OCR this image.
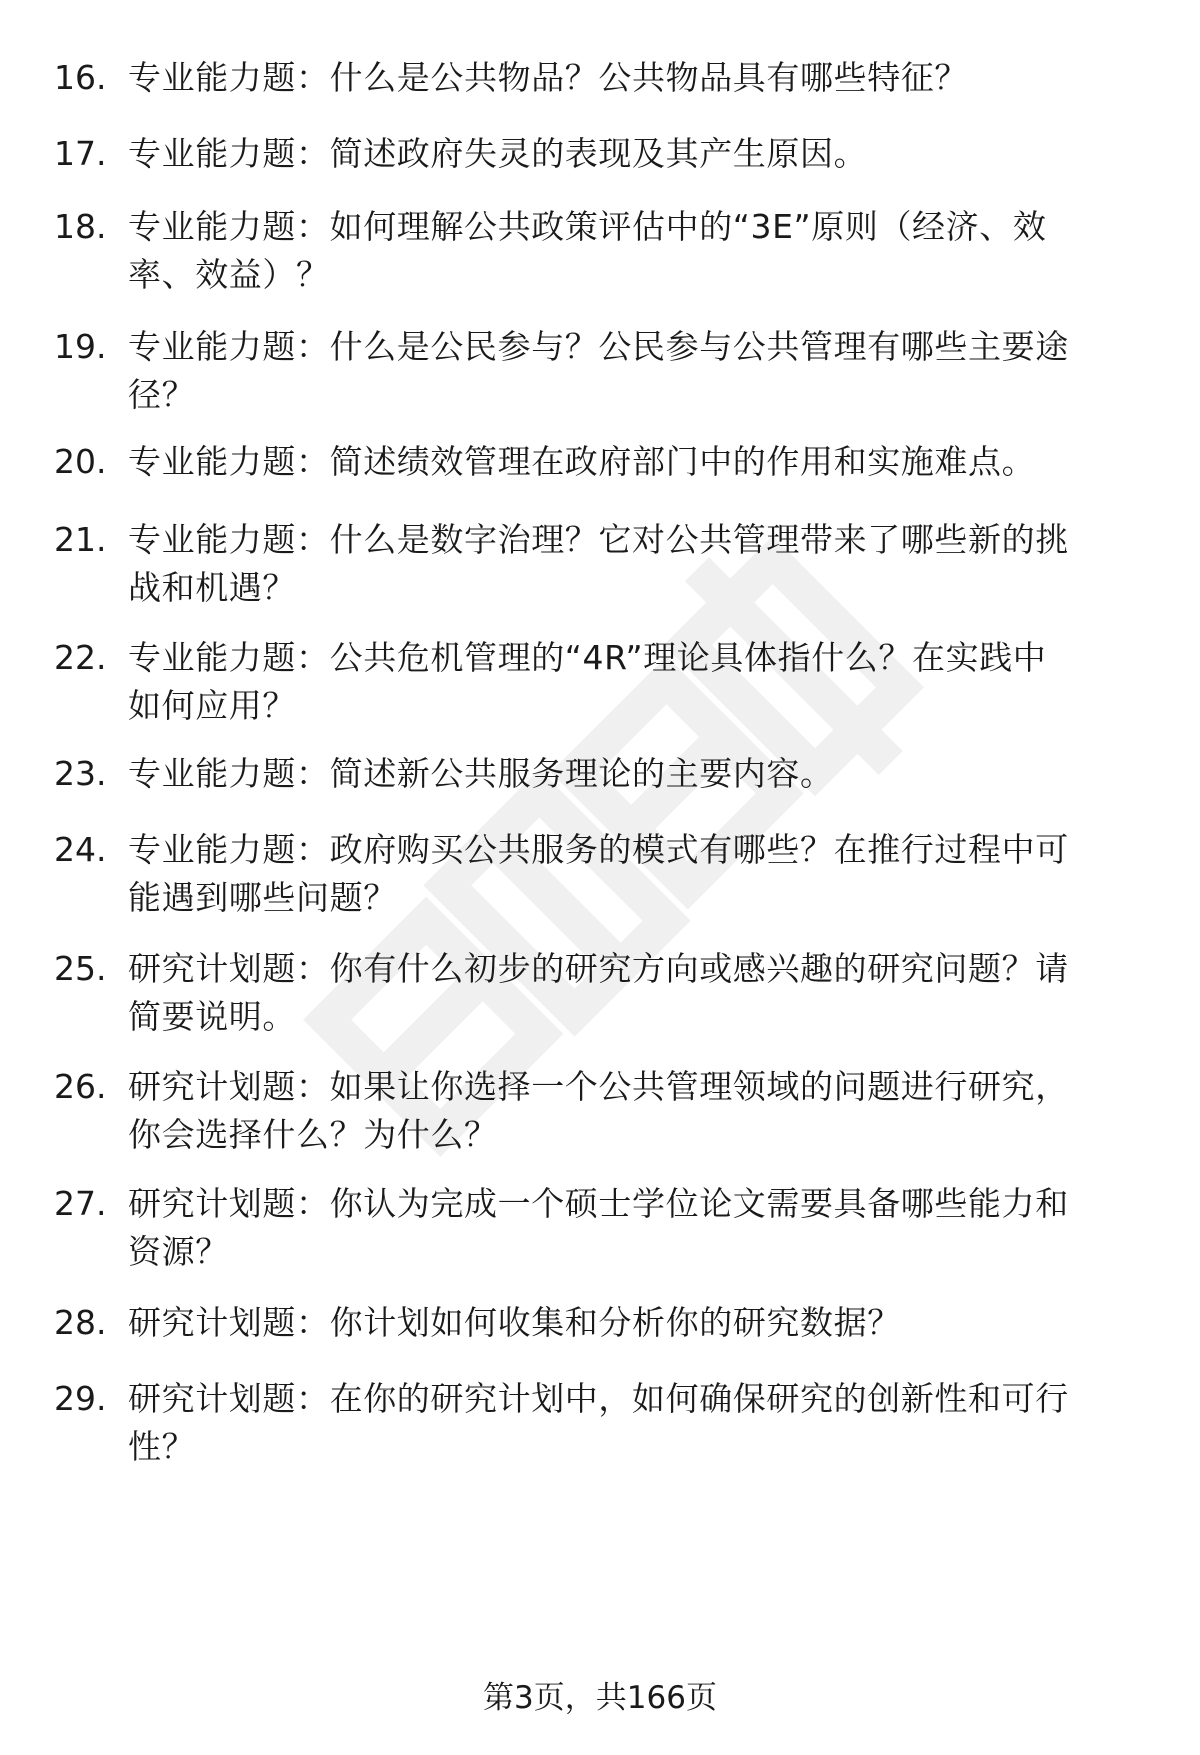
16. 专业能力题：什么是公共物品？公共物品具有哪些特征？
17. 专业能力题：简述政府失灵的表现及其产生原因。
18. 专业能力题：如何理解公共政策评估中的“3E”原则（经济、效
率、效益）？
19. 专业能力题：什么是公民参与？公民参与公共管理有哪些主要途
径？
20. 专业能力题：简述绩效管理在政府部门中的作用和实施难点。
21. 专业能力题：什么是数字治理？它对公共管理带来了哪些新的挑
战和机遇？
22. 专业能力题：公共危机管理的“4R”理论具体指什么？在实践中
如何应用？
23. 专业能力题：简述新公共服务理论的主要内容。
24. 专业能力题：政府购买公共服务的模式有哪些？在推行过程中可
能遇到哪些问题？
25. 研究计划题：你有什么初步的研究方向或感兴趣的研究问题？请
简要说明。
26. 研究计划题：如果让你选择一个公共管理领域的问题进行研究，
你会选择什么？为什么？
27. 研究计划题：你认为完成一个硕士学位论文需要具备哪些能力和
资源？
28. 研究计划题：你计划如何收集和分析你的研究数据？
29. 研究计划题：在你的研究计划中，如何确保研究的创新性和可行
性？
第3页，共166页
